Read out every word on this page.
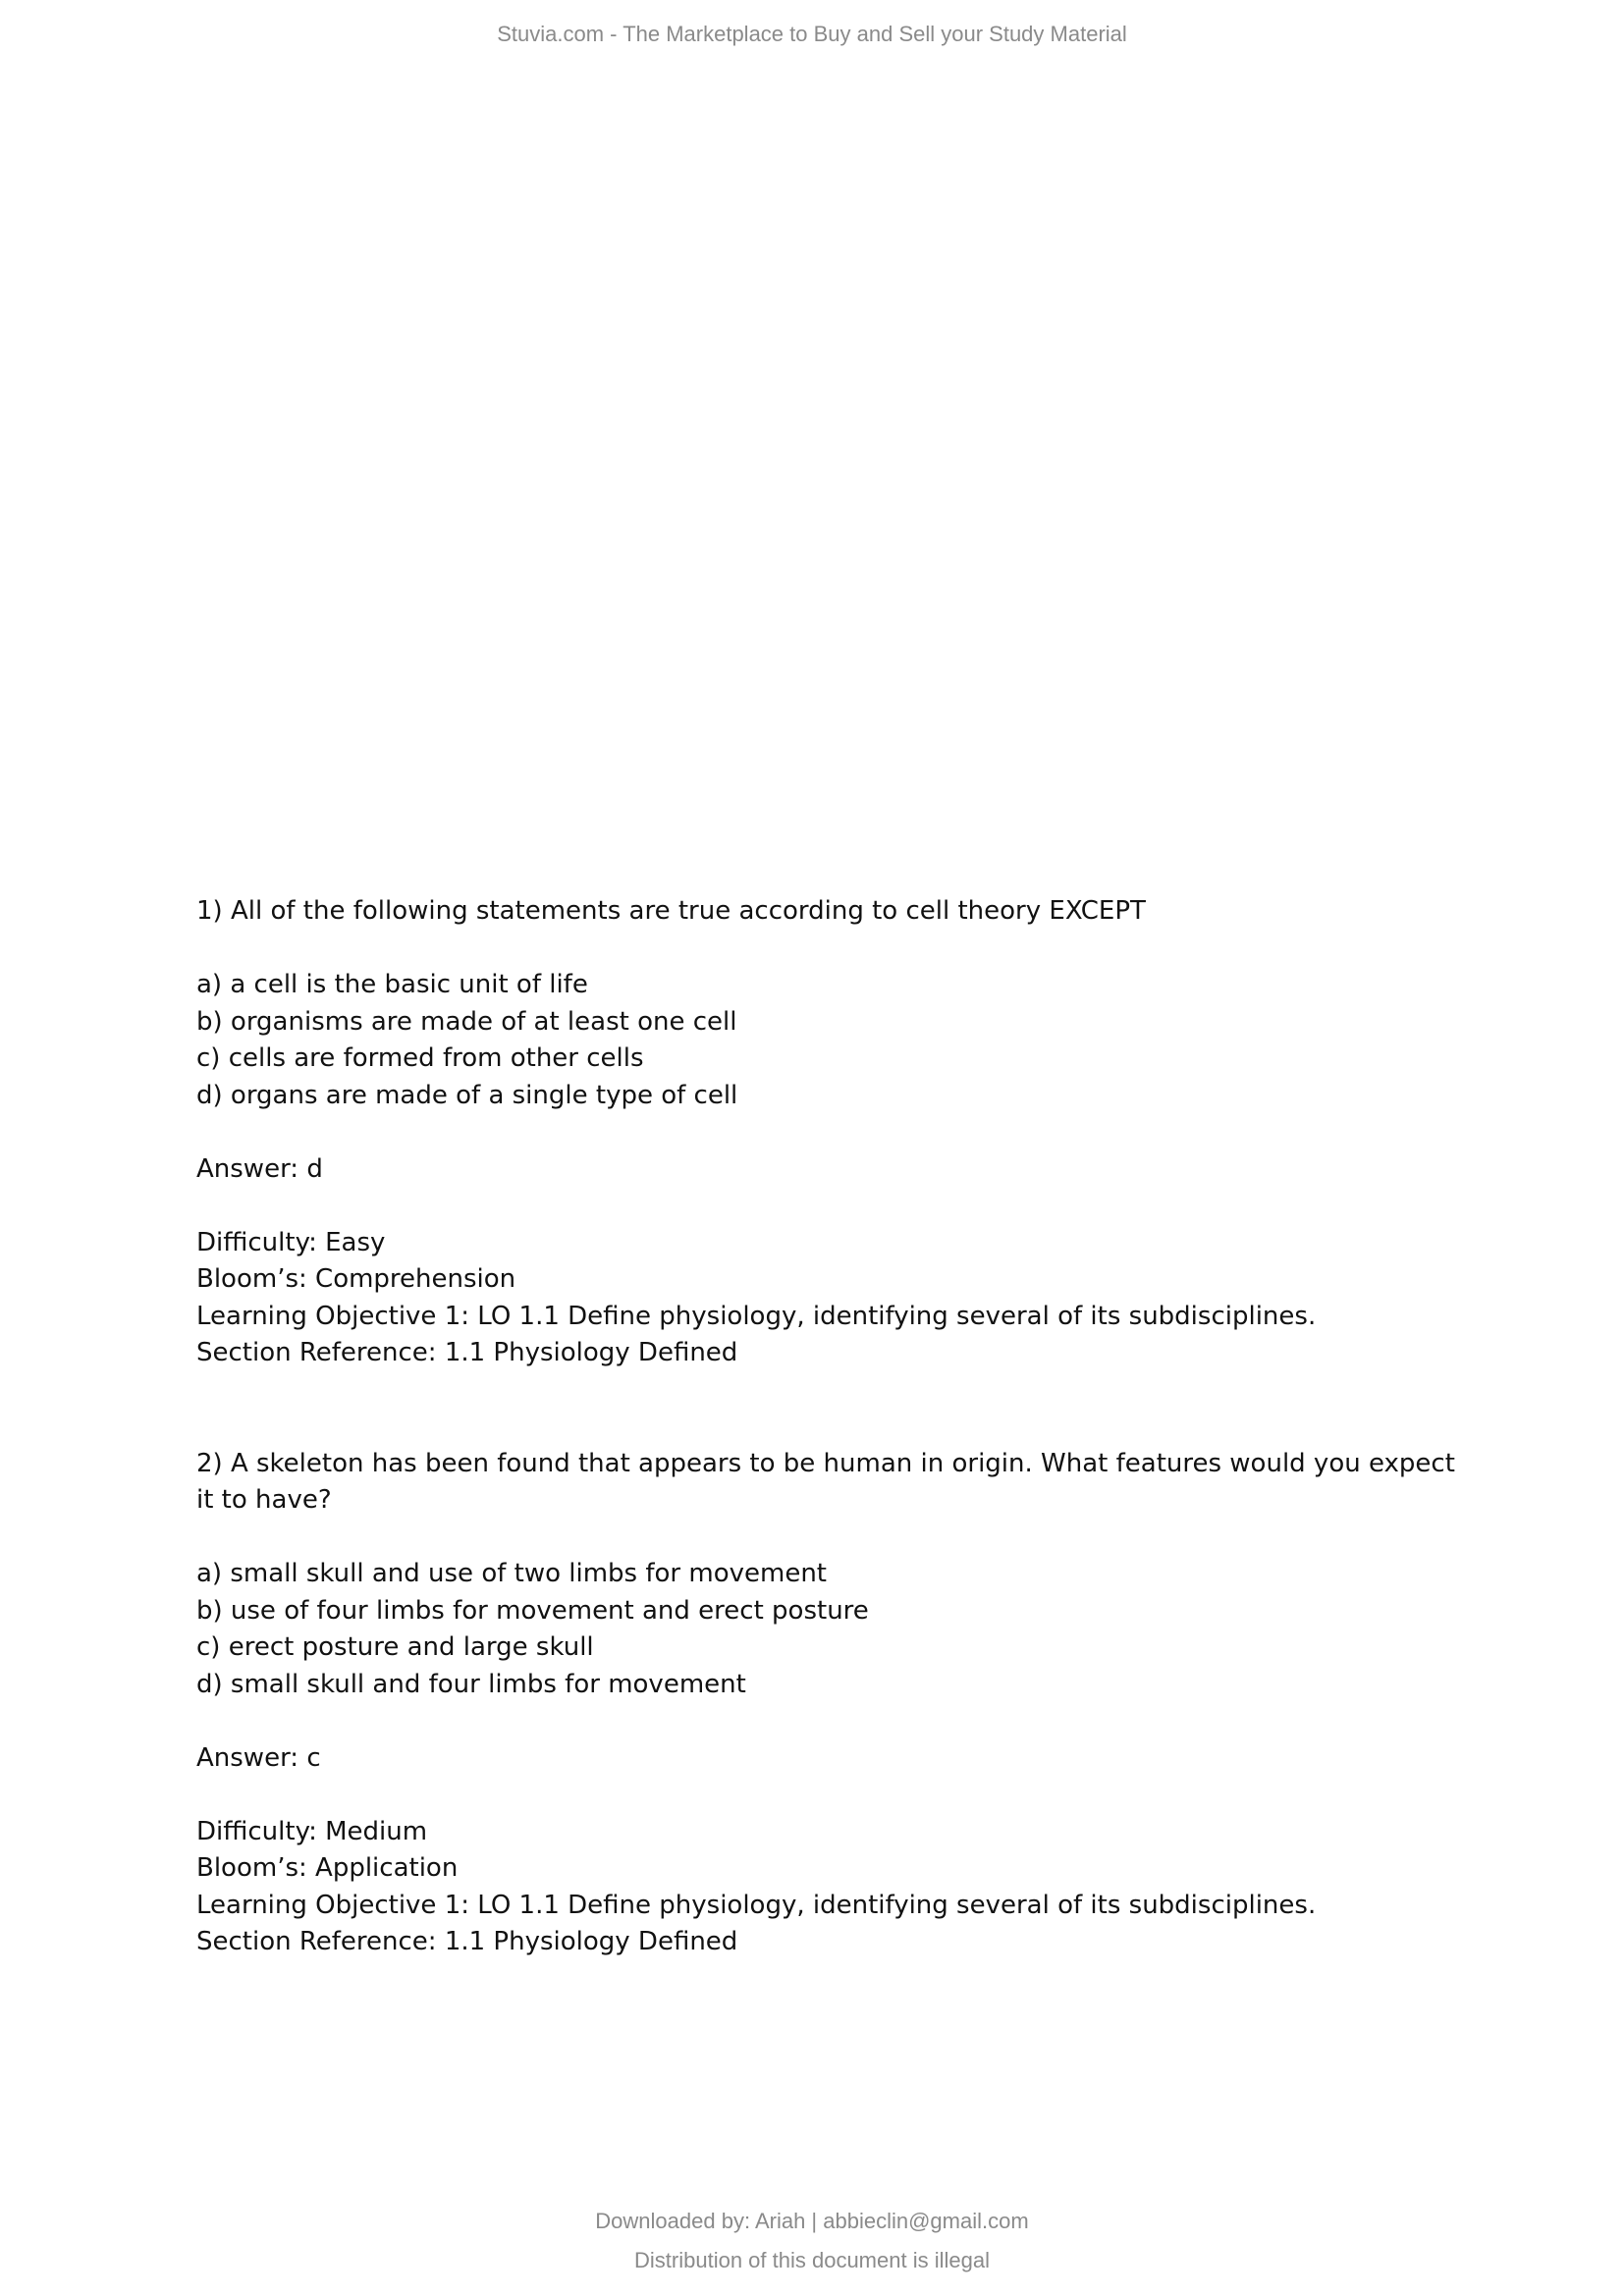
Stuvia.com - The Marketplace to Buy and Sell your Study Material
1) All of the following statements are true according to cell theory EXCEPT
a) a cell is the basic unit of life
b) organisms are made of at least one cell
c) cells are formed from other cells
d) organs are made of a single type of cell
Answer: d
Difficulty: Easy
Bloom’s: Comprehension
Learning Objective 1: LO 1.1 Define physiology, identifying several of its subdisciplines.
Section Reference: 1.1 Physiology Defined
2) A skeleton has been found that appears to be human in origin. What features would you expect it to have?
a) small skull and use of two limbs for movement
b) use of four limbs for movement and erect posture
c) erect posture and large skull
d) small skull and four limbs for movement
Answer: c
Difficulty: Medium
Bloom’s: Application
Learning Objective 1: LO 1.1 Define physiology, identifying several of its subdisciplines.
Section Reference: 1.1 Physiology Defined
Downloaded by: Ariah | abbieclin@gmail.com
Distribution of this document is illegal
